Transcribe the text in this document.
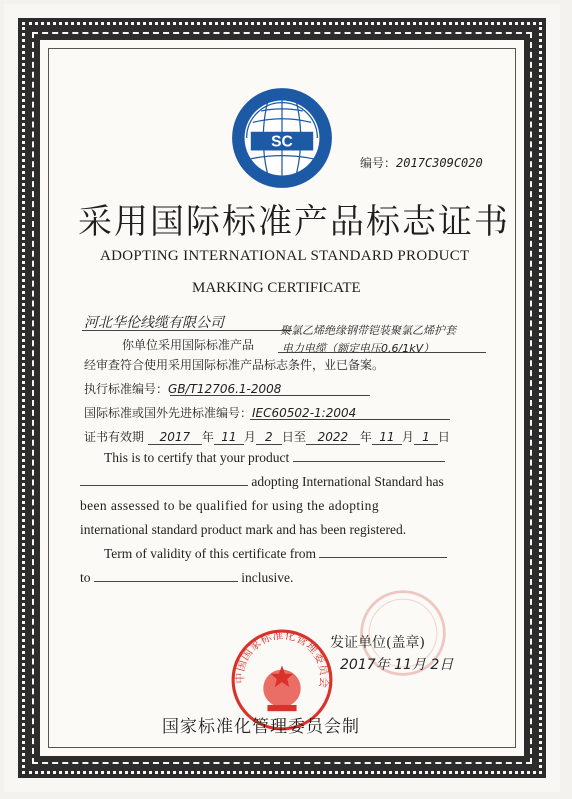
SC
编号：2017C309C020
采用国际标准产品标志证书
ADOPTING INTERNATIONAL STANDARD PRODUCT
MARKING CERTIFICATE
河北华伦线缆有限公司
你单位采用国际标准产品
聚氯乙烯绝缘钢带铠装聚氯乙烯护套
电力电缆（额定电压0.6/1kV）
经审查符合使用采用国际标准产品标志条件，业已备案。
执行标准编号：GB/T12706.1-2008
国际标准或国外先进标准编号：IEC60502-1:2004
证书有效期 2017 年 11 月 2 日至 2022 年 11 月 1 日
This is to certify that your product
adopting International Standard has
been assessed to be qualified for using the adopting
international standard product mark and has been registered.
Term of validity of this certificate from
to	inclusive.
发证单位(盖章)
2017年 11月 2日
中国国家标准化管理委员会
国家标准化管理委员会制
